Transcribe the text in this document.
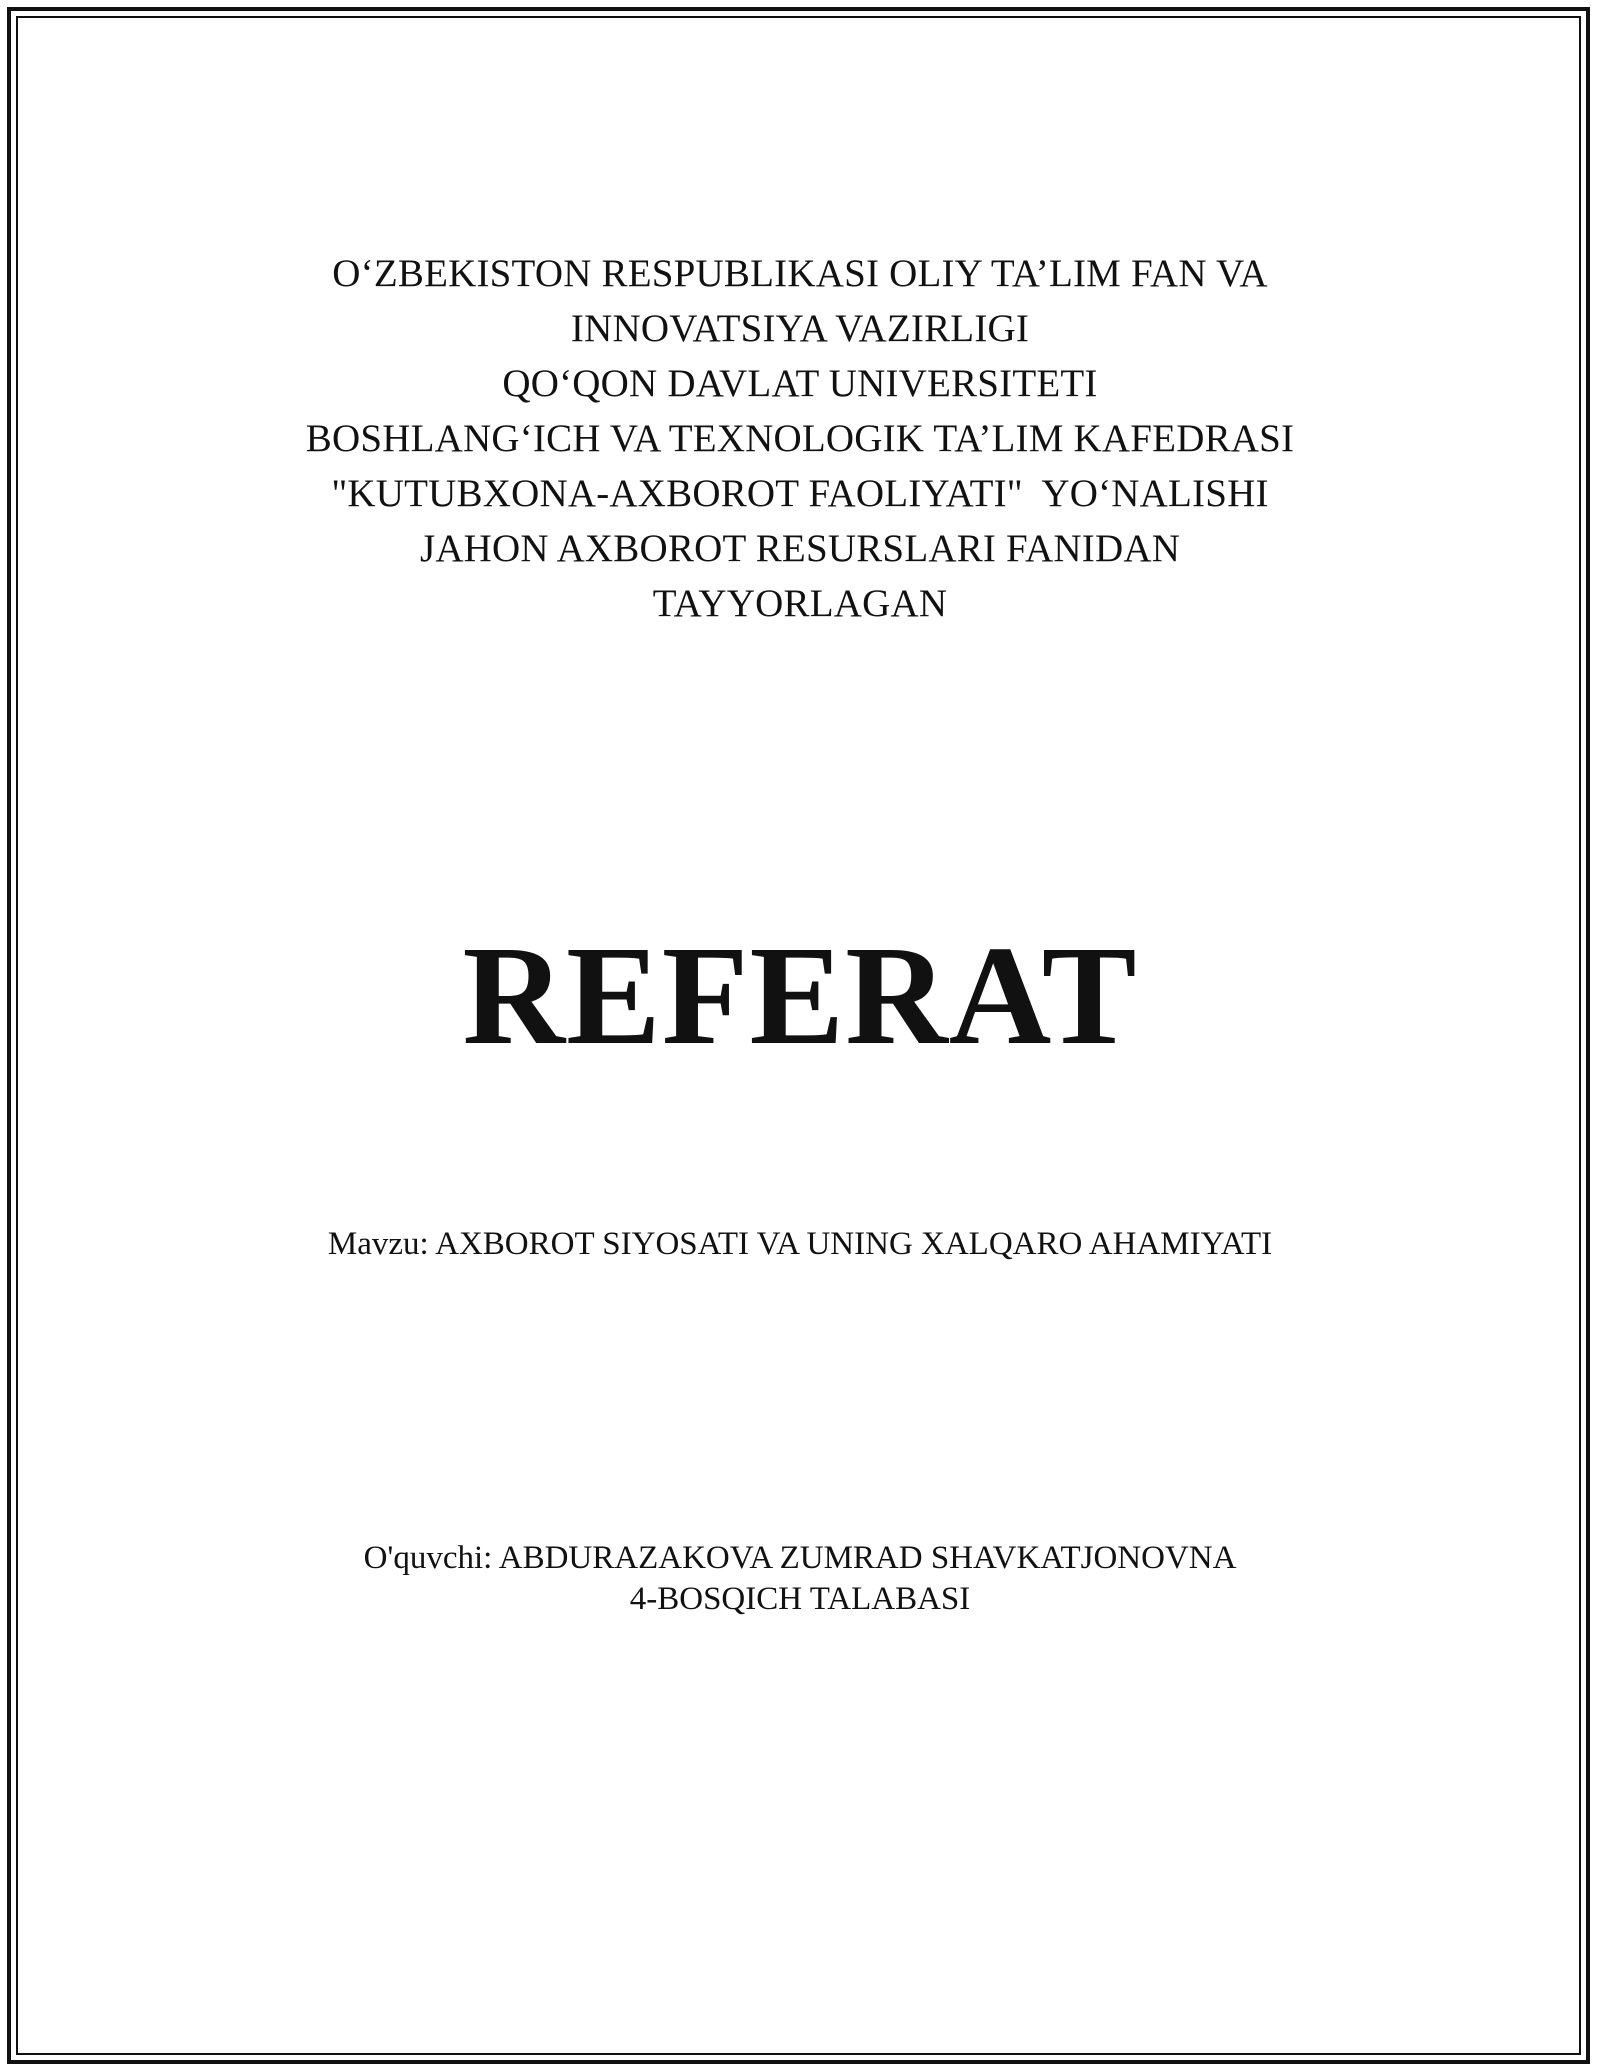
O‘ZBEKISTON RESPUBLIKASI OLIY TA’LIM FAN VA
INNOVATSIYA VAZIRLIGI
QO‘QON DAVLAT UNIVERSITETI
BOSHLANG‘ICH VA TEXNOLOGIK TA’LIM KAFEDRASI
"KUTUBXONA-AXBOROT FAOLIYATI"  YO‘NALISHI
JAHON AXBOROT RESURSLARI FANIDAN
TAYYORLAGAN
REFERAT
Mavzu: AXBOROT SIYOSATI VA UNING XALQARO AHAMIYATI
O'quvchi: ABDURAZAKOVA ZUMRAD SHAVKATJONOVNA
4-BOSQICH TALABASI
